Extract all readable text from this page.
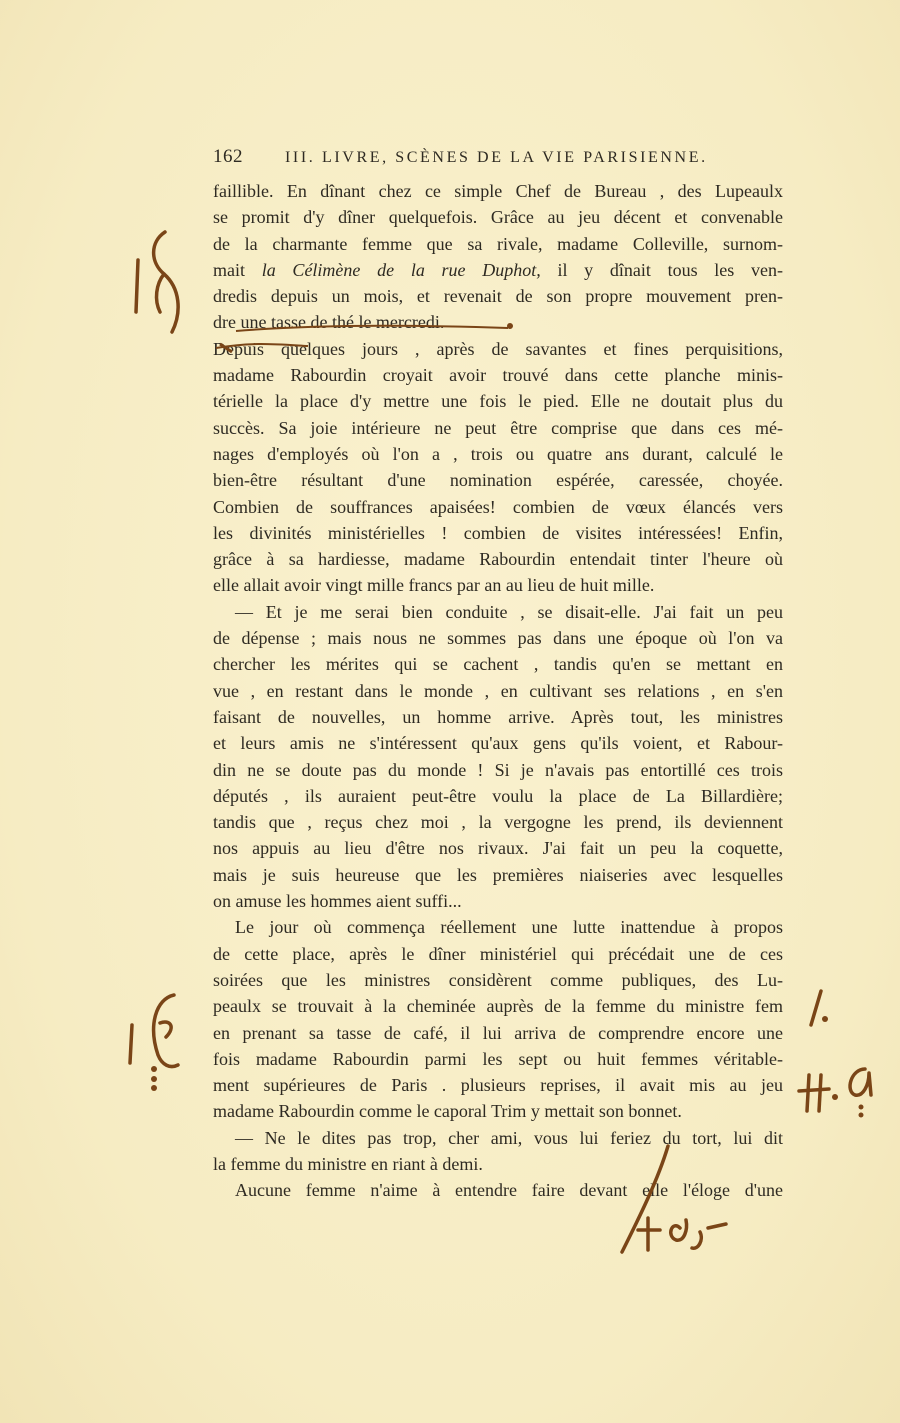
162	III. LIVRE, SCÈNES DE LA VIE PARISIENNE.
faillible. En dînant chez ce simple Chef de Bureau , des Lupeaulx
se promit d'y dîner quelquefois. Grâce au jeu décent et convenable
de la charmante femme que sa rivale, madame Colleville, surnom-
mait la Célimène de la rue Duphot, il y dînait tous les ven-
dredis depuis un mois, et revenait de son propre mouvement pren-
dre une tasse de thé le mercredi.
Depuis quelques jours , après de savantes et fines perquisitions,
madame Rabourdin croyait avoir trouvé dans cette planche minis-
térielle la place d'y mettre une fois le pied. Elle ne doutait plus du
succès. Sa joie intérieure ne peut être comprise que dans ces mé-
nages d'employés où l'on a , trois ou quatre ans durant, calculé le
bien-être résultant d'une nomination espérée, caressée, choyée.
Combien de souffrances apaisées! combien de vœux élancés vers
les divinités ministérielles ! combien de visites intéressées! Enfin,
grâce à sa hardiesse, madame Rabourdin entendait tinter l'heure où
elle allait avoir vingt mille francs par an au lieu de huit mille.
— Et je me serai bien conduite , se disait-elle. J'ai fait un peu
de dépense ; mais nous ne sommes pas dans une époque où l'on va
chercher les mérites qui se cachent , tandis qu'en se mettant en
vue , en restant dans le monde , en cultivant ses relations , en s'en
faisant de nouvelles, un homme arrive. Après tout, les ministres
et leurs amis ne s'intéressent qu'aux gens qu'ils voient, et Rabour-
din ne se doute pas du monde ! Si je n'avais pas entortillé ces trois
députés , ils auraient peut-être voulu la place de La Billardière;
tandis que , reçus chez moi , la vergogne les prend, ils deviennent
nos appuis au lieu d'être nos rivaux. J'ai fait un peu la coquette,
mais je suis heureuse que les premières niaiseries avec lesquelles
on amuse les hommes aient suffi...
Le jour où commença réellement une lutte inattendue à propos
de cette place, après le dîner ministériel qui précédait une de ces
soirées que les ministres considèrent comme publiques, des Lu-
peaulx se trouvait à la cheminée auprès de la femme du ministre fem
en prenant sa tasse de café, il lui arriva de comprendre encore une
fois madame Rabourdin parmi les sept ou huit femmes véritable-
ment supérieures de Paris . plusieurs reprises, il avait mis au jeu
madame Rabourdin comme le caporal Trim y mettait son bonnet.
— Ne le dites pas trop, cher ami, vous lui feriez du tort, lui dit
la femme du ministre en riant à demi.
Aucune femme n'aime à entendre faire devant elle l'éloge d'une
